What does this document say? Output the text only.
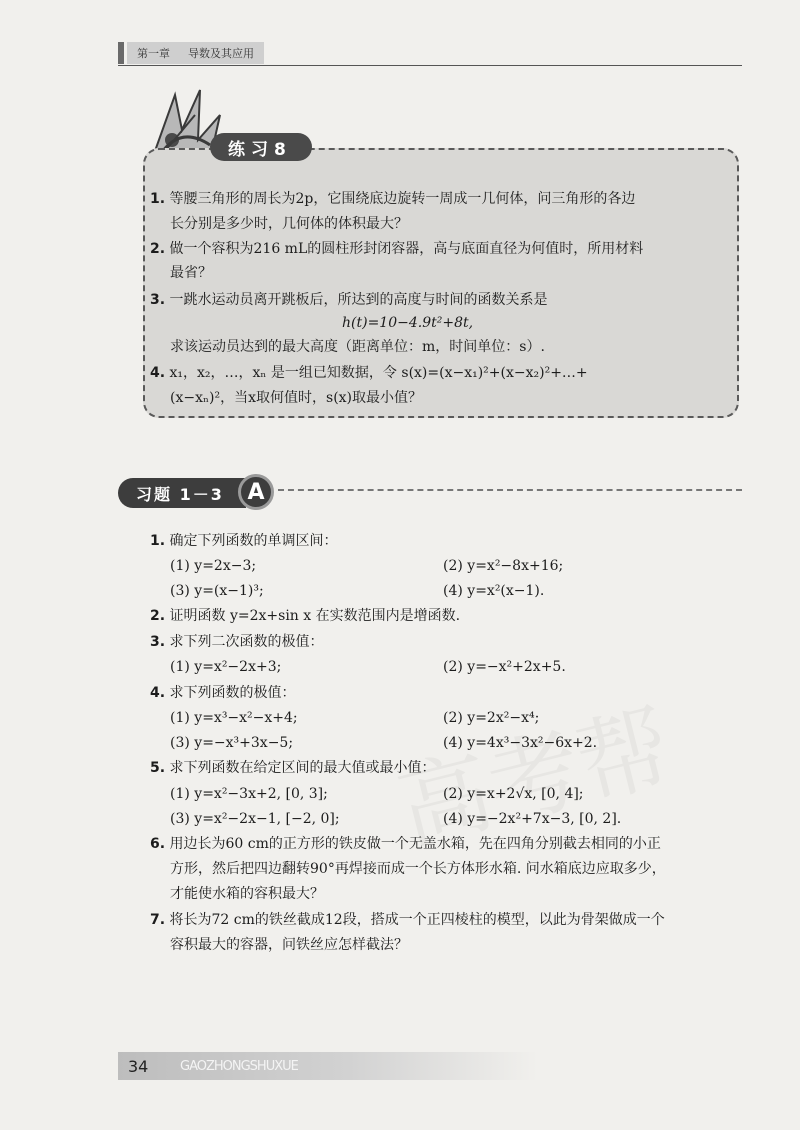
第一章 导数及其应用
练习8
1. 等腰三角形的周长为2p，它围绕底边旋转一周成一几何体，问三角形的各边
长分别是多少时，几何体的体积最大？
2. 做一个容积为216 mL的圆柱形封闭容器，高与底面直径为何值时，所用材料
最省？
3. 一跳水运动员离开跳板后，所达到的高度与时间的函数关系是
h(t)=10−4.9t²+8t,
求该运动员达到的最大高度（距离单位：m，时间单位：s）.
4. x₁，x₂，…，xₙ 是一组已知数据，令 s(x)=(x−x₁)²+(x−x₂)²+…+
(x−xₙ)²，当x取何值时，s(x)取最小值？
习题 1－3	A
1. 确定下列函数的单调区间：
(1) y=2x−3;	(2) y=x²−8x+16;
(3) y=(x−1)³;	(4) y=x²(x−1).
2. 证明函数 y=2x+sin x 在实数范围内是增函数.
3. 求下列二次函数的极值：
(1) y=x²−2x+3;	(2) y=−x²+2x+5.
4. 求下列函数的极值：
(1) y=x³−x²−x+4;	(2) y=2x²−x⁴;
(3) y=−x³+3x−5;	(4) y=4x³−3x²−6x+2.
5. 求下列函数在给定区间的最大值或最小值：
(1) y=x²−3x+2, [0, 3];	(2) y=x+2√x, [0, 4];
(3) y=x²−2x−1, [−2, 0];	(4) y=−2x²+7x−3, [0, 2].
6. 用边长为60 cm的正方形的铁皮做一个无盖水箱，先在四角分别截去相同的小正
方形，然后把四边翻转90°再焊接而成一个长方体形水箱. 问水箱底边应取多少，
才能使水箱的容积最大？
7. 将长为72 cm的铁丝截成12段，搭成一个正四棱柱的模型，以此为骨架做成一个
容积最大的容器，问铁丝应怎样截法？
34	GAOZHONGSHUXUE
